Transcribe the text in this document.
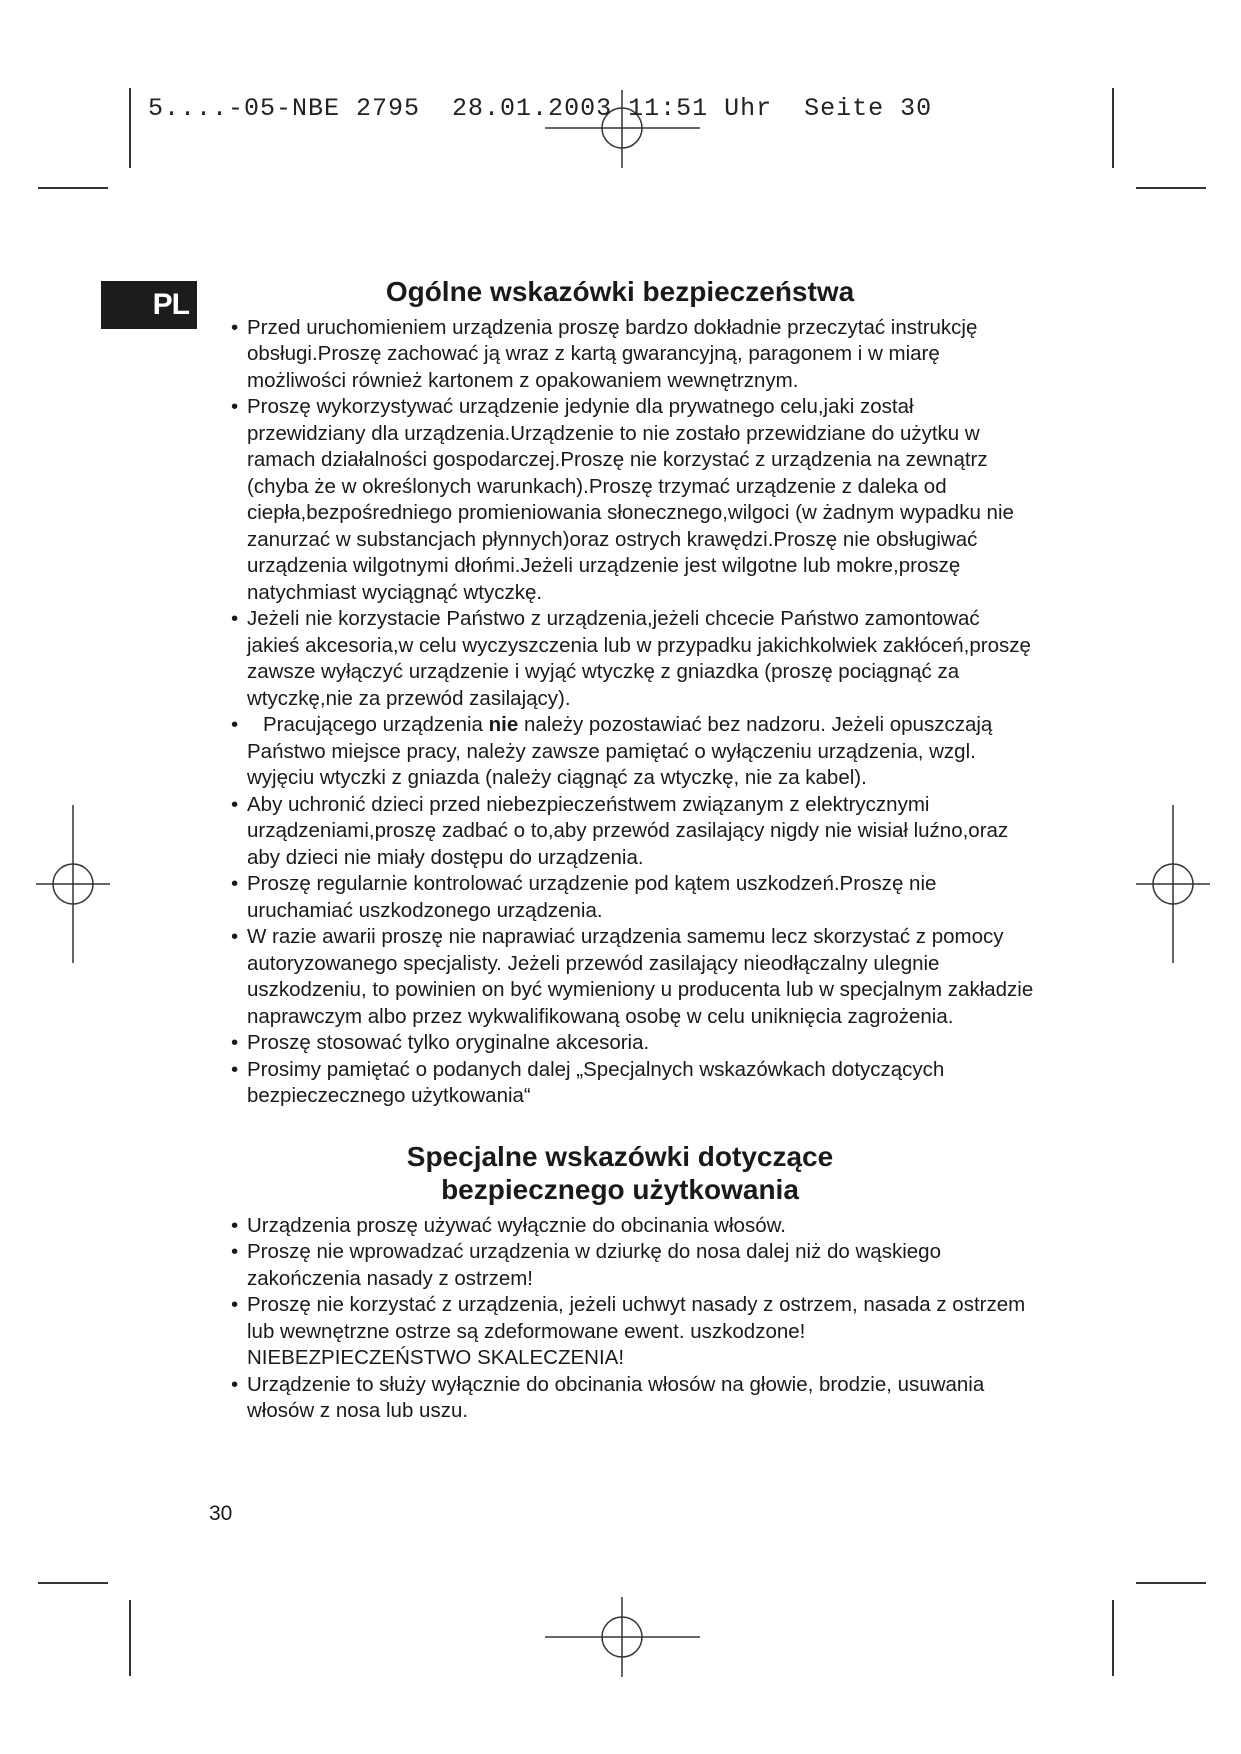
5....-05-NBE 2795  28.01.2003 11:51 Uhr  Seite 30
PL	Ogólne wskazówki bezpieczeństwa
• Przed uruchomieniem urządzenia proszę bardzo dokładnie przeczytać instrukcję obsługi.Proszę zachować ją wraz z kartą gwarancyjną, paragonem i w miarę możliwości również kartonem z opakowaniem wewnętrznym.
• Proszę wykorzystywać urządzenie jedynie dla prywatnego celu,jaki został przewidziany dla urządzenia.Urządzenie to nie zostało przewidziane do użytku w ramach działalności gospodarczej.Proszę nie korzystać z urządzenia na zewnątrz (chyba że w określonych warunkach).Proszę trzymać urządzenie z daleka od ciepła,bezpośredniego promieniowania słonecznego,wilgoci (w żadnym wypadku nie zanurzać w substancjach płynnych)oraz ostrych krawędzi.Proszę nie obsługiwać urządzenia wilgotnymi dłońmi.Jeżeli urządzenie jest wilgotne lub mokre,proszę natychmiast wyciągnąć wtyczkę.
• Jeżeli nie korzystacie Państwo z urządzenia,jeżeli chcecie Państwo zamontować jakieś akcesoria,w celu wyczyszczenia lub w przypadku jakichkolwiek zakłóceń,proszę zawsze wyłączyć urządzenie i wyjąć wtyczkę z gniazdka (proszę pociągnąć za wtyczkę,nie za przewód zasilający).
• Pracującego urządzenia nie należy pozostawiać bez nadzoru. Jeżeli opuszczają Państwo miejsce pracy, należy zawsze pamiętać o wyłączeniu urządzenia, wzgl. wyjęciu wtyczki z gniazda (należy ciągnąć za wtyczkę, nie za kabel).
• Aby uchronić dzieci przed niebezpieczeństwem związanym z elektrycznymi urządzeniami,proszę zadbać o to,aby przewód zasilający nigdy nie wisiał luźno,oraz aby dzieci nie miały dostępu do urządzenia.
• Proszę regularnie kontrolować urządzenie pod kątem uszkodzeń.Proszę nie uruchamiać uszkodzonego urządzenia.
• W razie awarii proszę nie naprawiać urządzenia samemu lecz skorzystać z pomocy autoryzowanego specjalisty. Jeżeli przewód zasilający nieodłączalny ulegnie uszkodzeniu, to powinien on być wymieniony u producenta lub w specjalnym zakładzie naprawczym albo przez wykwalifikowaną osobę w celu uniknięcia zagrożenia.
• Proszę stosować tylko oryginalne akcesoria.
• Prosimy pamiętać o podanych dalej „Specjalnych wskazówkach dotyczących bezpieczecznego użytkowania“
Specjalne wskazówki dotyczące
bezpiecznego użytkowania
• Urządzenia proszę używać wyłącznie do obcinania włosów.
• Proszę nie wprowadzać urządzenia w dziurkę do nosa dalej niż do wąskiego zakończenia nasady z ostrzem!
• Proszę nie korzystać z urządzenia, jeżeli uchwyt nasady z ostrzem, nasada z ostrzem lub wewnętrzne ostrze są zdeformowane ewent. uszkodzone! NIEBEZPIECZEŃSTWO SKALECZENIA!
• Urządzenie to służy wyłącznie do obcinania włosów na głowie, brodzie, usuwania włosów z nosa lub uszu.
30
